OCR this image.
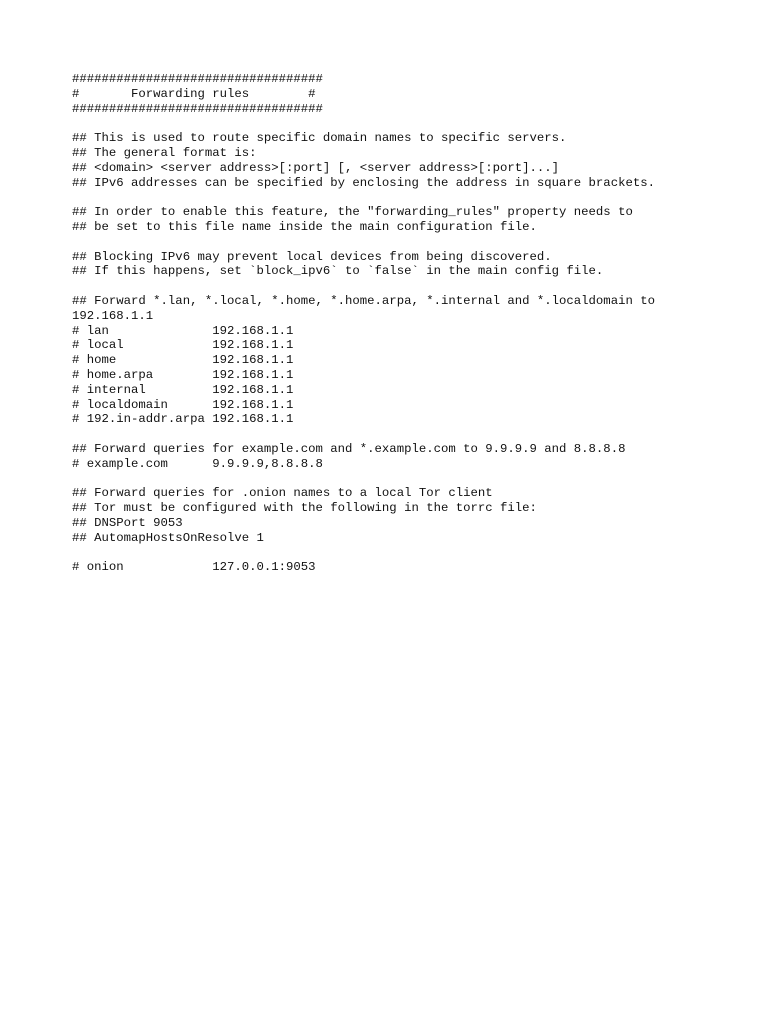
##################################
#       Forwarding rules        #
##################################
## This is used to route specific domain names to specific servers.
## The general format is:
## <domain> <server address>[:port] [, <server address>[:port]...]
## IPv6 addresses can be specified by enclosing the address in square brackets.
## In order to enable this feature, the "forwarding_rules" property needs to
## be set to this file name inside the main configuration file.
## Blocking IPv6 may prevent local devices from being discovered.
## If this happens, set `block_ipv6` to `false` in the main config file.
## Forward *.lan, *.local, *.home, *.home.arpa, *.internal and *.localdomain to
192.168.1.1
# lan              192.168.1.1
# local            192.168.1.1
# home             192.168.1.1
# home.arpa        192.168.1.1
# internal         192.168.1.1
# localdomain      192.168.1.1
# 192.in-addr.arpa 192.168.1.1
## Forward queries for example.com and *.example.com to 9.9.9.9 and 8.8.8.8
# example.com      9.9.9.9,8.8.8.8
## Forward queries for .onion names to a local Tor client
## Tor must be configured with the following in the torrc file:
## DNSPort 9053
## AutomapHostsOnResolve 1
# onion            127.0.0.1:9053
